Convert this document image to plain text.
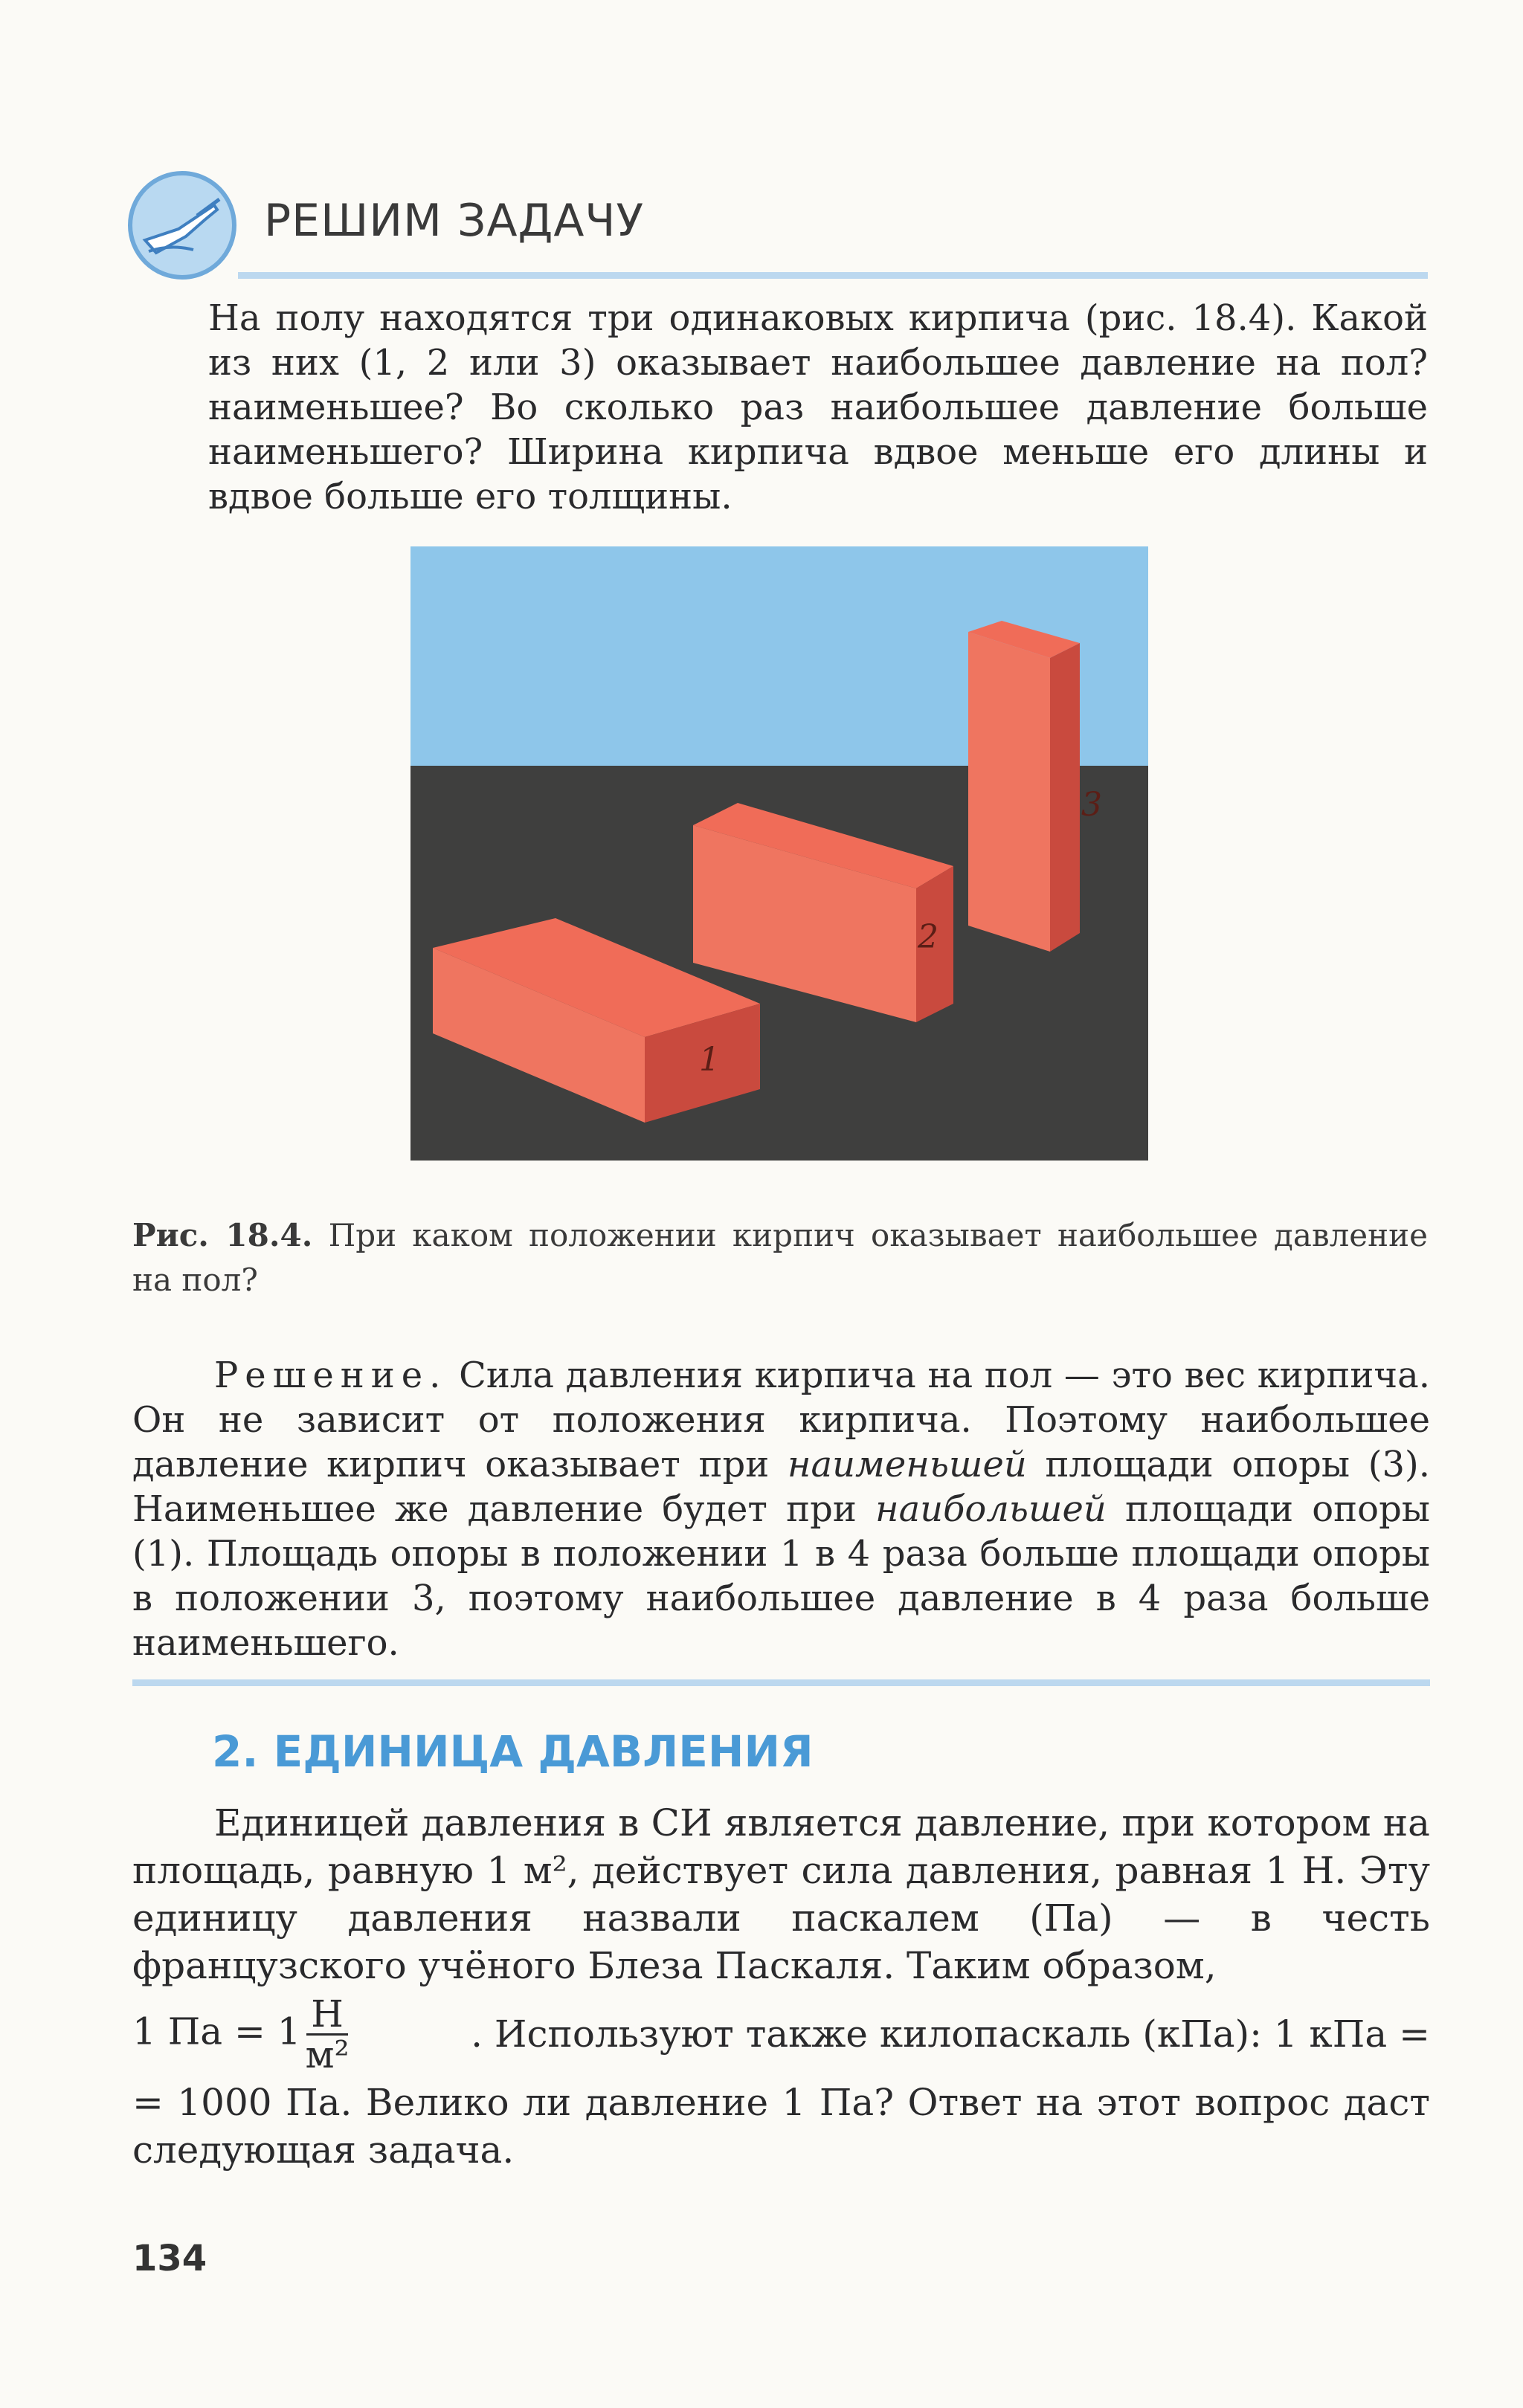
РЕШИМ ЗАДАЧУ

На полу находятся три одинаковых кирпича (рис. 18.4). Какой из них (1, 2 или 3) оказывает наибольшее давление на пол? наименьшее? Во сколько раз наибольшее давление больше наименьшего? Ширина кирпича вдвое меньше его длины и вдвое больше его толщины.

1
2
3

Рис. 18.4. При каком положении кирпич оказывает наибольшее давление на пол?

Решение. Сила давления кирпича на пол — это вес кирпича. Он не зависит от положения кирпича. Поэтому наибольшее давление кирпич оказывает при наименьшей площади опоры (3). Наименьшее же давление будет при наибольшей площади опоры (1). Площадь опоры в положении 1 в 4 раза больше площади опоры в положении 3, поэтому наибольшее давление в 4 раза больше наименьшего.

2. ЕДИНИЦА ДАВЛЕНИЯ

Единицей давления в СИ является давление, при котором на площадь, равную 1 м², действует сила давления, равная 1 Н. Эту единицу давления назвали паскалем (Па) — в честь французского учёного Блеза Паскаля. Таким образом,

1 Па = $1 \frac{Н}{\text{м²}}$	. Используют также килопаскаль (кПа): 1 кПа =

= 1000 Па. Велико ли давление 1 Па? Ответ на этот вопрос даст следующая задача.

134
